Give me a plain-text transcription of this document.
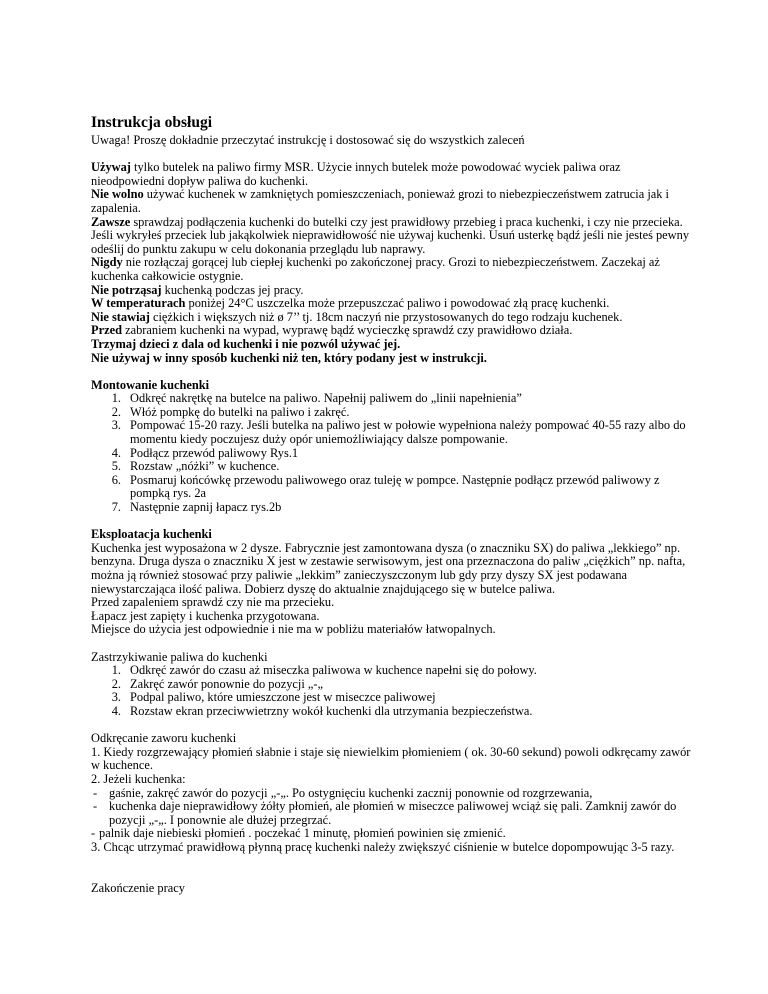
Instrukcja obsługi

Uwaga! Proszę dokładnie przeczytać instrukcję i dostosować się do wszystkich zaleceń

Używaj tylko butelek na paliwo firmy MSR. Użycie innych butelek może powodować wyciek paliwa oraz nieodpowiedni dopływ paliwa do kuchenki.

Nie wolno używać kuchenek w zamkniętych pomieszczeniach, ponieważ grozi to niebezpieczeństwem zatrucia jak i zapalenia.

Zawsze sprawdzaj podłączenia kuchenki do butelki czy jest prawidłowy przebieg i praca kuchenki, i czy nie przecieka. Jeśli wykryłeś przeciek lub jakąkolwiek nieprawidłowość nie używaj kuchenki. Usuń usterkę bądź jeśli nie jesteś pewny odeślij do punktu zakupu w celu dokonania przeglądu lub naprawy.

Nigdy nie rozłączaj gorącej lub ciepłej kuchenki po zakończonej pracy. Grozi to niebezpieczeństwem. Zaczekaj aż kuchenka całkowicie ostygnie.

Nie potrząsaj kuchenką podczas jej pracy.

W temperaturach poniżej 24°C uszczelka może przepuszczać paliwo i powodować złą pracę kuchenki.

Nie stawiaj ciężkich i większych niż ø 7’’ tj. 18cm naczyń nie przystosowanych do tego rodzaju kuchenek.

Przed zabraniem kuchenki na wypad, wyprawę bądź wycieczkę sprawdź czy prawidłowo działa.

Trzymaj dzieci z dala od kuchenki i nie pozwól używać jej.

Nie używaj w inny sposób kuchenki niż ten, który podany jest w instrukcji.

Montowanie kuchenki

1. Odkręć nakrętkę na butelce na paliwo. Napełnij paliwem do „linii napełnienia”
2. Włóż pompkę do butelki na paliwo i zakręć.
3. Pompować 15-20 razy. Jeśli butelka na paliwo jest w połowie wypełniona należy pompować 40-55 razy albo do momentu kiedy poczujesz duży opór uniemożliwiający dalsze pompowanie.
4. Podłącz przewód paliwowy Rys.1
5. Rozstaw „nóżki” w kuchence.
6. Posmaruj końcówkę przewodu paliwowego oraz tuleję w pompce. Następnie podłącz przewód paliwowy z pompką rys. 2a
7. Następnie zapnij łapacz rys.2b

Eksploatacja kuchenki

Kuchenka jest wyposażona w 2 dysze. Fabrycznie jest zamontowana dysza (o znaczniku SX) do paliwa „lekkiego” np. benzyna. Druga dysza o znaczniku X jest w zestawie serwisowym, jest ona przeznaczona do paliw „ciężkich” np. nafta, można ją również stosować przy paliwie „lekkim” zanieczyszczonym lub gdy przy dyszy SX jest podawana niewystarczająca ilość paliwa. Dobierz dyszę do aktualnie znajdującego się w butelce paliwa.

Przed zapaleniem sprawdź czy nie ma przecieku.

Łapacz jest zapięty i kuchenka przygotowana.

Miejsce do użycia jest odpowiednie i nie ma w pobliżu materiałów łatwopalnych.

Zastrzykiwanie paliwa do kuchenki

1. Odkręć zawór do czasu aż miseczka paliwowa w kuchence napełni się do połowy.
2. Zakręć zawór ponownie do pozycji „-„
3. Podpal paliwo, które umieszczone jest w miseczce paliwowej
4. Rozstaw ekran przeciwwietrzny wokół kuchenki dla utrzymania bezpieczeństwa.

Odkręcanie zaworu kuchenki

1. Kiedy rozgrzewający płomień słabnie i staje się niewielkim płomieniem ( ok. 30-60 sekund) powoli odkręcamy zawór w kuchence.

2. Jeżeli kuchenka:

- gaśnie, zakręć zawór do pozycji „-„. Po ostygnięciu kuchenki zacznij ponownie od rozgrzewania,

- kuchenka daje nieprawidłowy żółty płomień, ale płomień w miseczce paliwowej wciąż się pali. Zamknij zawór do pozycji „-„. I ponownie ale dłużej przegrzać.

- palnik daje niebieski płomień . poczekać 1 minutę, płomień powinien się zmienić.

3. Chcąc utrzymać prawidłową płynną pracę kuchenki należy zwiększyć ciśnienie w butelce dopompowując 3-5 razy.

Zakończenie pracy
